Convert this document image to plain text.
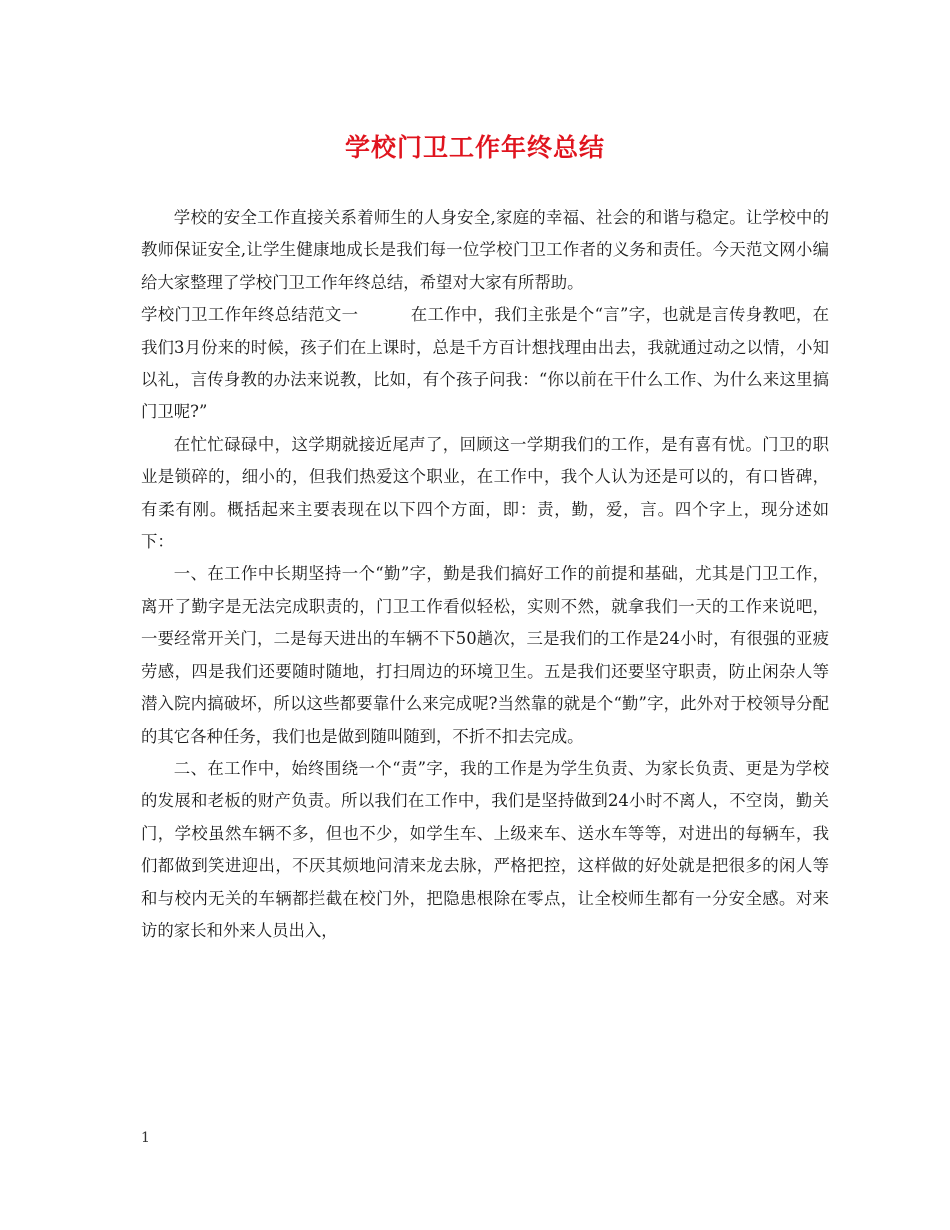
学校门卫工作年终总结

学校的安全工作直接关系着师生的人身安全,家庭的幸福、社会的和谐与稳定。让学校中的教师保证安全,让学生健康地成长是我们每一位学校门卫工作者的义务和责任。今天范文网小编给大家整理了学校门卫工作年终总结，希望对大家有所帮助。

学校门卫工作年终总结范文一	在工作中，我们主张是个“言”字，也就是言传身教吧，在我们3月份来的时候，孩子们在上课时，总是千方百计想找理由出去，我就通过动之以情，小知以礼，言传身教的办法来说教，比如，有个孩子问我：“你以前在干什么工作、为什么来这里搞门卫呢?”

在忙忙碌碌中，这学期就接近尾声了，回顾这一学期我们的工作，是有喜有忧。门卫的职业是锁碎的，细小的，但我们热爱这个职业，在工作中，我个人认为还是可以的，有口皆碑，有柔有刚。概括起来主要表现在以下四个方面，即：责，勤，爱，言。四个字上，现分述如下：

一、在工作中长期坚持一个“勤”字，勤是我们搞好工作的前提和基础，尤其是门卫工作，离开了勤字是无法完成职责的，门卫工作看似轻松，实则不然，就拿我们一天的工作来说吧，一要经常开关门，二是每天进出的车辆不下50趟次，三是我们的工作是24小时，有很强的亚疲劳感，四是我们还要随时随地，打扫周边的环境卫生。五是我们还要坚守职责，防止闲杂人等潜入院内搞破坏，所以这些都要靠什么来完成呢?当然靠的就是个“勤”字，此外对于校领导分配的其它各种任务，我们也是做到随叫随到，不折不扣去完成。

二、在工作中，始终围绕一个“责”字，我的工作是为学生负责、为家长负责、更是为学校的发展和老板的财产负责。所以我们在工作中，我们是坚持做到24小时不离人，不空岗，勤关门，学校虽然车辆不多，但也不少，如学生车、上级来车、送水车等等，对进出的每辆车，我们都做到笑进迎出，不厌其烦地问清来龙去脉，严格把控，这样做的好处就是把很多的闲人等和与校内无关的车辆都拦截在校门外，把隐患根除在零点，让全校师生都有一分安全感。对来访的家长和外来人员出入，

1
